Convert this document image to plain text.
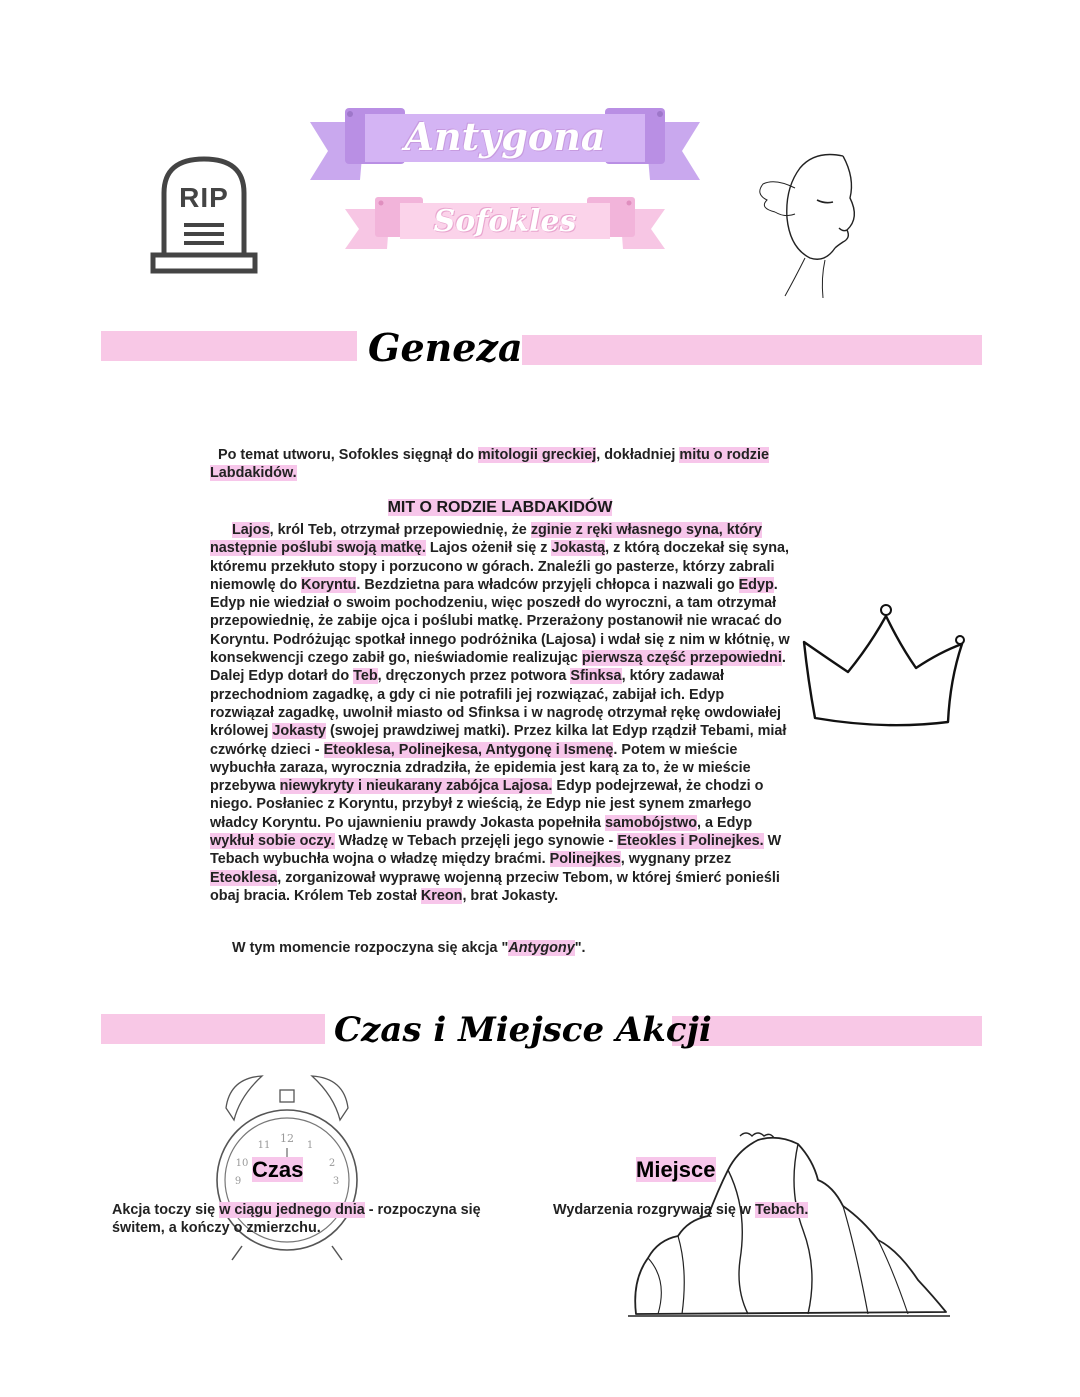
Antygona
Sofokles
RIP
Geneza
Po temat utworu, Sofokles sięgnął do mitologii greckiej, dokładniej mitu o rodzie Labdakidów.
MIT O RODZIE LABDAKIDÓW
Lajos, król Teb, otrzymał przepowiednię, że zginie z ręki własnego syna, który następnie poślubi swoją matkę. Lajos ożenił się z Jokastą, z którą doczekał się syna, któremu przekłuto stopy i porzucono w górach. Znaleźli go pasterze, którzy zabrali niemowlę do Koryntu. Bezdzietna para władców przyjęli chłopca i nazwali go Edyp. Edyp nie wiedział o swoim pochodzeniu, więc poszedł do wyroczni, a tam otrzymał przepowiednię, że zabije ojca i poślubi matkę. Przerażony postanowił nie wracać do Koryntu. Podróżując spotkał innego podróżnika (Lajosa) i wdał się z nim w kłótnię, w konsekwencji czego zabił go, nieświadomie realizując pierwszą część przepowiedni. Dalej Edyp dotarł do Teb, dręczonych przez potwora Sfinksa, który zadawał przechodniom zagadkę, a gdy ci nie potrafili jej rozwiązać, zabijał ich. Edyp rozwiązał zagadkę, uwolnił miasto od Sfinksa i w nagrodę otrzymał rękę owdowiałej królowej Jokasty (swojej prawdziwej matki). Przez kilka lat Edyp rządził Tebami, miał czwórkę dzieci - Eteoklesa, Polinejkesa, Antygonę i Ismenę. Potem w mieście wybuchła zaraza, wyrocznia zdradziła, że epidemia jest karą za to, że w mieście przebywa niewykryty i nieukarany zabójca Lajosa. Edyp podejrzewał, że chodzi o niego. Posłaniec z Koryntu, przybył z wieścią, że Edyp nie jest synem zmarłego władcy Koryntu. Po ujawnieniu prawdy Jokasta popełniła samobójstwo, a Edyp wykłuł sobie oczy. Władzę w Tebach przejęli jego synowie - Eteokles i Polinejkes. W Tebach wybuchła wojna o władzę między braćmi. Polinejkes, wygnany przez Eteoklesa, zorganizował wyprawę wojenną przeciw Tebom, w której śmierć ponieśli obaj bracia. Królem Teb został Kreon, brat Jokasty.
W tym momencie rozpoczyna się akcja "Antygony".
Czas i Miejsce Akcji
12
11	1
10	2
9	3
Czas
Akcja toczy się w ciągu jednego dnia - rozpoczyna się świtem, a kończy o zmierzchu.
Miejsce
Wydarzenia rozgrywają się w Tebach.
